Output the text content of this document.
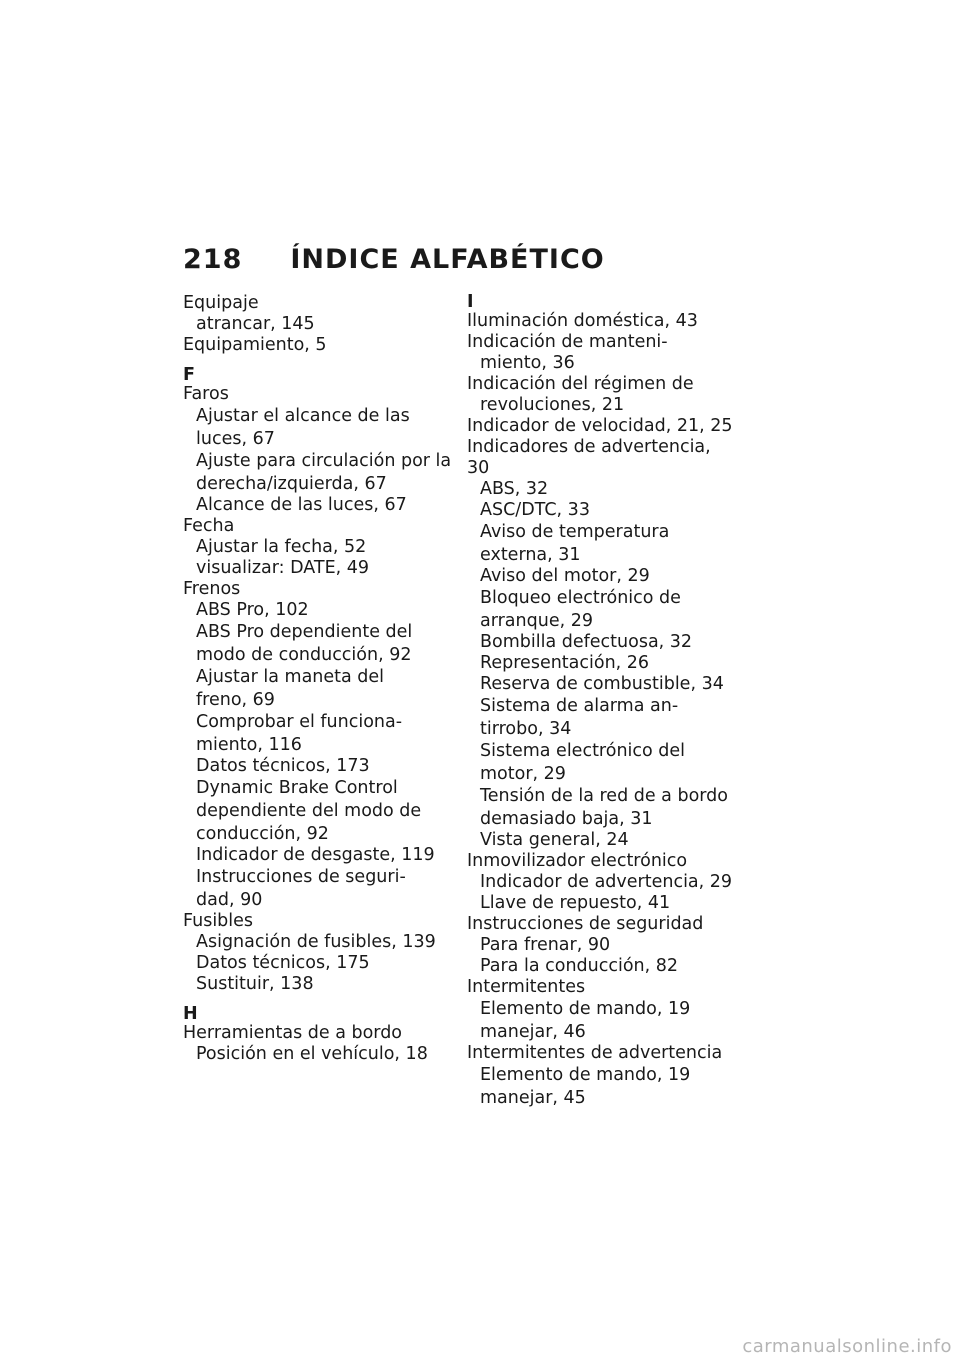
218 ÍNDICE ALFABÉTICO
Equipaje
atrancar, 145
Equipamiento, 5
F
Faros
Ajustar el alcance de las
luces, 67
Ajuste para circulación por la
derecha/izquierda, 67
Alcance de las luces, 67
Fecha
Ajustar la fecha, 52
visualizar: DATE, 49
Frenos
ABS Pro, 102
ABS Pro dependiente del
modo de conducción, 92
Ajustar la maneta del
freno, 69
Comprobar el funciona-
miento, 116
Datos técnicos, 173
Dynamic Brake Control
dependiente del modo de
conducción, 92
Indicador de desgaste, 119
Instrucciones de seguri-
dad, 90
Fusibles
Asignación de fusibles, 139
Datos técnicos, 175
Sustituir, 138
H
Herramientas de a bordo
Posición en el vehículo, 18
I
Iluminación doméstica, 43
Indicación de manteni-
miento, 36
Indicación del régimen de
revoluciones, 21
Indicador de velocidad, 21, 25
Indicadores de advertencia, 30
ABS, 32
ASC/DTC, 33
Aviso de temperatura
externa, 31
Aviso del motor, 29
Bloqueo electrónico de
arranque, 29
Bombilla defectuosa, 32
Representación, 26
Reserva de combustible, 34
Sistema de alarma an-
tirrobo, 34
Sistema electrónico del
motor, 29
Tensión de la red de a bordo
demasiado baja, 31
Vista general, 24
Inmovilizador electrónico
Indicador de advertencia, 29
Llave de repuesto, 41
Instrucciones de seguridad
Para frenar, 90
Para la conducción, 82
Intermitentes
Elemento de mando, 19
manejar, 46
Intermitentes de advertencia
Elemento de mando, 19
manejar, 45
carmanualsonline.info
